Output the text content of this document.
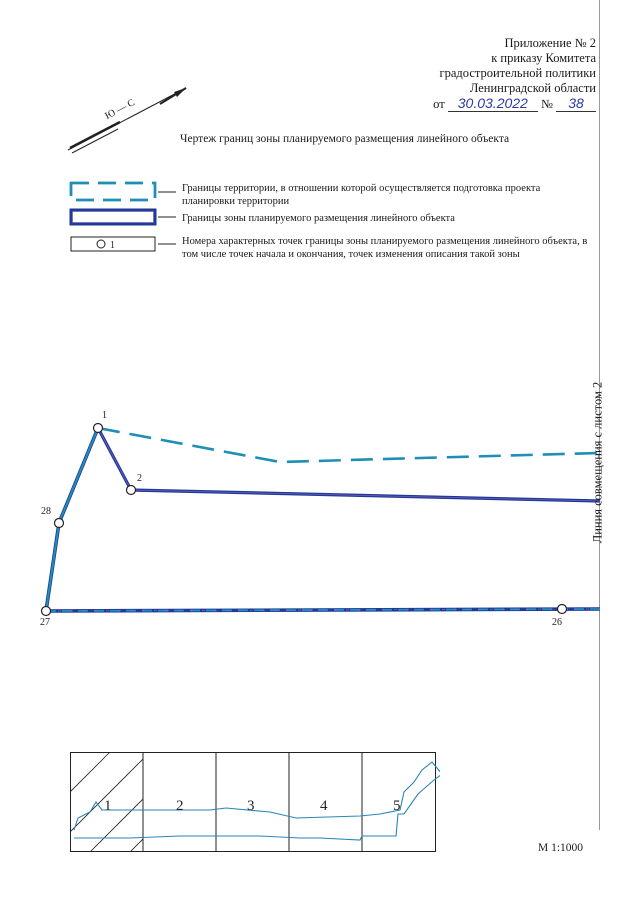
Приложение № 2
к приказу Комитета
градостроительной политики
Ленинградской области
от 30.03.2022 № 38
Ю — С
Чертеж границ зоны планируемого размещения линейного объекта
1
Границы территории, в отношении которой осуществляется подготовка проекта планировки территории
Границы зоны планируемого размещения линейного объекта
Номера характерных точек границы зоны планируемого размещения линейного объекта, в том числе точек начала и окончания, точек изменения описания такой зоны
1
2
26
27
28	Линия совмещения с листом 2
1	2	3	4	5
М 1:1000
